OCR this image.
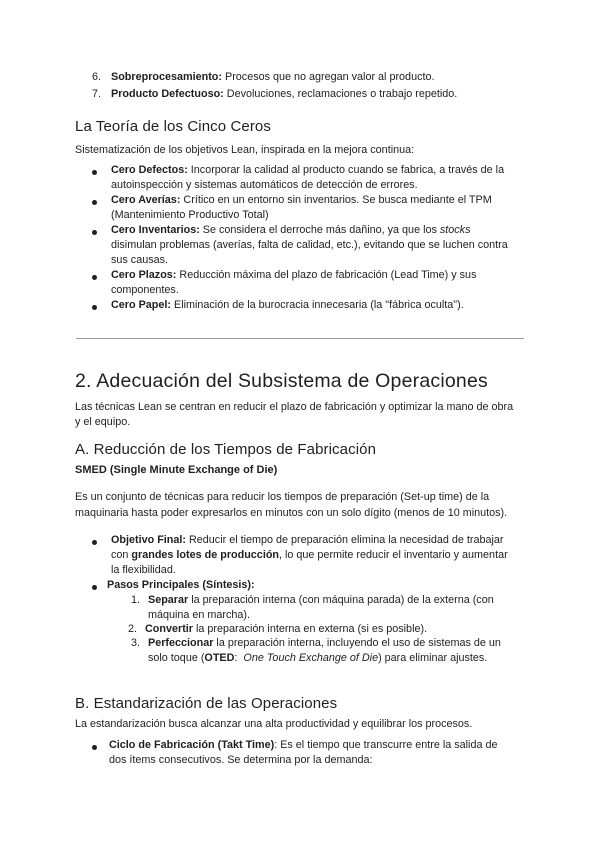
6. Sobreprocesamiento: Procesos que no agregan valor al producto.
7. Producto Defectuoso: Devoluciones, reclamaciones o trabajo repetido.
La Teoría de los Cinco Ceros
Sistematización de los objetivos Lean, inspirada en la mejora continua:
Cero Defectos: Incorporar la calidad al producto cuando se fabrica, a través de la
autoinspección y sistemas automáticos de detección de errores.
Cero Averías: Crítico en un entorno sin inventarios. Se busca mediante el TPM
(Mantenimiento Productivo Total)
Cero Inventarios: Se considera el derroche más dañino, ya que los stocks
disimulan problemas (averías, falta de calidad, etc.), evitando que se luchen contra
sus causas.
Cero Plazos: Reducción máxima del plazo de fabricación (Lead Time) y sus
componentes.
Cero Papel: Eliminación de la burocracia innecesaria (la "fábrica oculta").
2. Adecuación del Subsistema de Operaciones
Las técnicas Lean se centran en reducir el plazo de fabricación y optimizar la mano de obra
y el equipo.
A. Reducción de los Tiempos de Fabricación
SMED (Single Minute Exchange of Die)
Es un conjunto de técnicas para reducir los tiempos de preparación (Set-up time) de la
maquinaria hasta poder expresarlos en minutos con un solo dígito (menos de 10 minutos).
Objetivo Final: Reducir el tiempo de preparación elimina la necesidad de trabajar
con grandes lotes de producción, lo que permite reducir el inventario y aumentar
la flexibilidad.
Pasos Principales (Síntesis):
1. Separar la preparación interna (con máquina parada) de la externa (con
máquina en marcha).
2. Convertir la preparación interna en externa (si es posible).
3. Perfeccionar la preparación interna, incluyendo el uso de sistemas de un
solo toque (OTED:  One Touch Exchange of Die) para eliminar ajustes.
B. Estandarización de las Operaciones
La estandarización busca alcanzar una alta productividad y equilibrar los procesos.
Ciclo de Fabricación (Takt Time): Es el tiempo que transcurre entre la salida de
dos ítems consecutivos. Se determina por la demanda:
